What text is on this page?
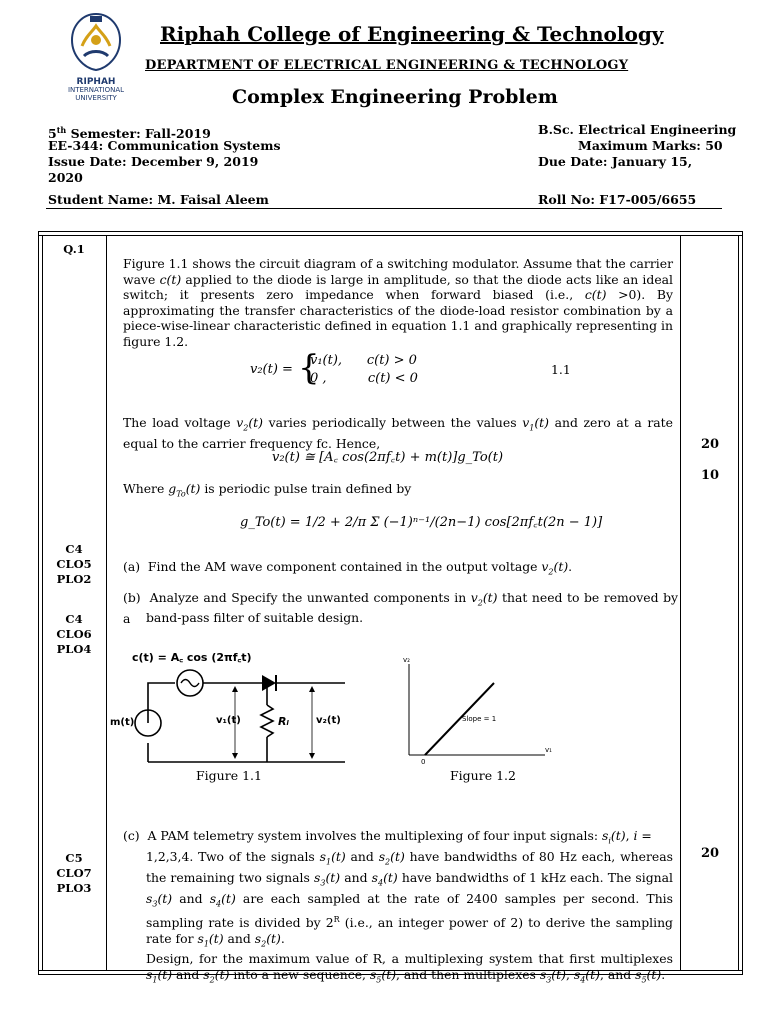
RIPHAH
INTERNATIONAL
UNIVERSITY
Riphah College of Engineering & Technology
DEPARTMENT OF ELECTRICAL ENGINEERING & TECHNOLOGY
Complex Engineering Problem
5th Semester: Fall-2019	B.Sc. Electrical Engineering
EE-344: Communication Systems	Maximum Marks: 50
Issue Date: December 9, 2019	Due Date: January 15,
2020
Student Name: M. Faisal Aleem	Roll No: F17-005/6655
Q.1
Figure 1.1 shows the circuit diagram of a switching modulator. Assume that the carrier wave c(t) applied to the diode is large in amplitude, so that the diode acts like an ideal switch; it presents zero impedance when forward biased (i.e., c(t) >0). By approximating the transfer characteristics of the diode-load resistor combination by a piece-wise-linear characteristic defined in equation 1.1 and graphically representing in figure 1.2.
v₂(t) = {
v₁(t),      c(t) > 0
0 ,          c(t) < 0
1.1
The load voltage $v_2(t)$ varies periodically between the values $v_1(t)$ and zero at a rate equal to the carrier frequency fc. Hence,
v₂(t) ≅ [A꜀ cos(2πf꜀t) + m(t)]g_To(t)
Where $g_{To}(t)$ is periodic pulse train defined by
g_To(t) = 1/2 + 2/π Σ (−1)ⁿ⁻¹/(2n−1) cos[2πf꜀t(2n − 1)]
20
10
C4
CLO5
PLO2
C4
CLO6
PLO4
(a)  Find the AM wave component contained in the output voltage $v_2(t)$.
(b)  Analyze and Specify the unwanted components in $v_2(t)$ that need to be removed by a	band-pass filter of suitable design.
c(t) = A꜀ cos (2πf꜀t)
m(t)	v₁(t)	Rₗ	v₂(t)
Figure 1.1
v₂
v₁
0
Slope = 1
Figure 1.2
C5
CLO7
PLO3
20
(c)  A PAM telemetry system involves the multiplexing of four input signals: $s_i(t)$, i =
1,2,3,4. Two of the signals $s_1(t)$ and $s_2(t)$ have bandwidths of 80 Hz each, whereas the remaining two signals $s_3(t)$ and $s_4(t)$ have bandwidths of 1 kHz each. The signal $s_3(t)$ and $s_4(t)$ are each sampled at the rate of 2400 samples per second. This sampling rate is divided by $2^R$ (i.e., an integer power of 2) to derive the sampling rate for $s_1(t)$ and $s_2(t)$.
Design, for the maximum value of R, a multiplexing system that first multiplexes $s_1(t)$ and $s_2(t)$ into a new sequence, $s_5(t)$, and then multiplexes $s_3(t)$, $s_4(t)$, and $s_5(t)$.
